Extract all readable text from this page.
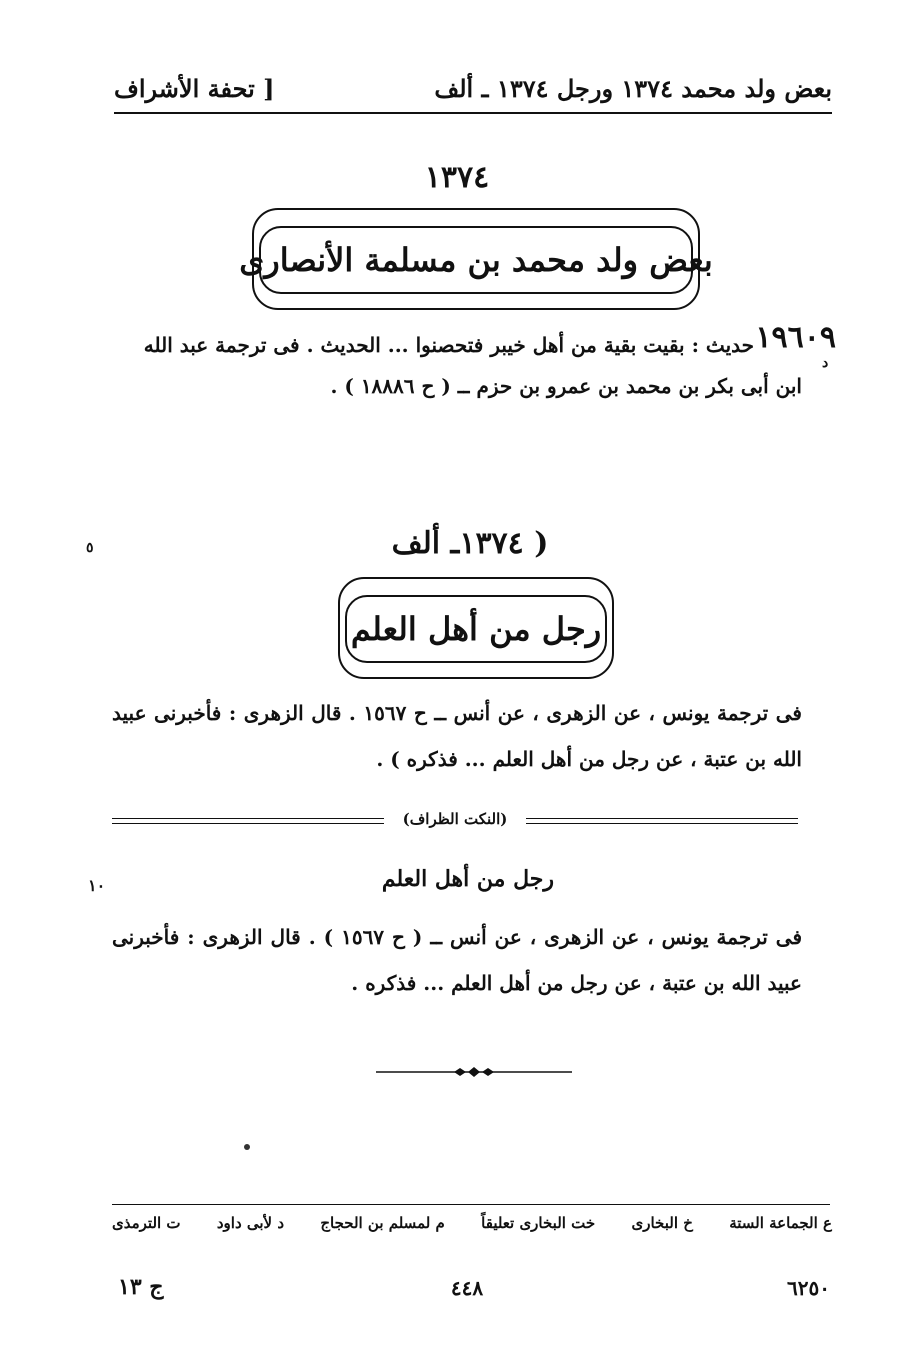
بعض ولد محمد ١٣٧٤ ورجل ١٣٧٤ ـ ألف
[ تحفة الأشراف
١٣٧٤
بعض ولد محمد بن مسلمة الأنصارى
١٩٦٠٩
د
حديث : بقيت بقية من أهل خيبر فتحصنوا ... الحديث . فى ترجمة عبد الله
ابن أبى بكر بن محمد بن عمرو بن حزم ــ ( ح ١٨٨٨٦ ) .
٥
١٠
( ١٣٧٤ـ ألف
رجل من أهل العلم
فى ترجمة يونس ، عن الزهرى ، عن أنس ــ ح ١٥٦٧ . قال الزهرى : فأخبرنى عبيد الله بن عتبة ، عن رجل من أهل العلم ... فذكره ) .
(النكت الظراف)
رجل من أهل العلم
فى ترجمة يونس ، عن الزهرى ، عن أنس ــ ( ح ١٥٦٧ ) . قال الزهرى : فأخبرنى عبيد الله بن عتبة ، عن رجل من أهل العلم ... فذكره .
ع الجماعة الستة
خ البخارى
خت البخارى تعليقاً
م لمسلم بن الحجاج
د لأبى داود
ت الترمذى
٦٢٥٠
٤٤٨
ج ١٣
